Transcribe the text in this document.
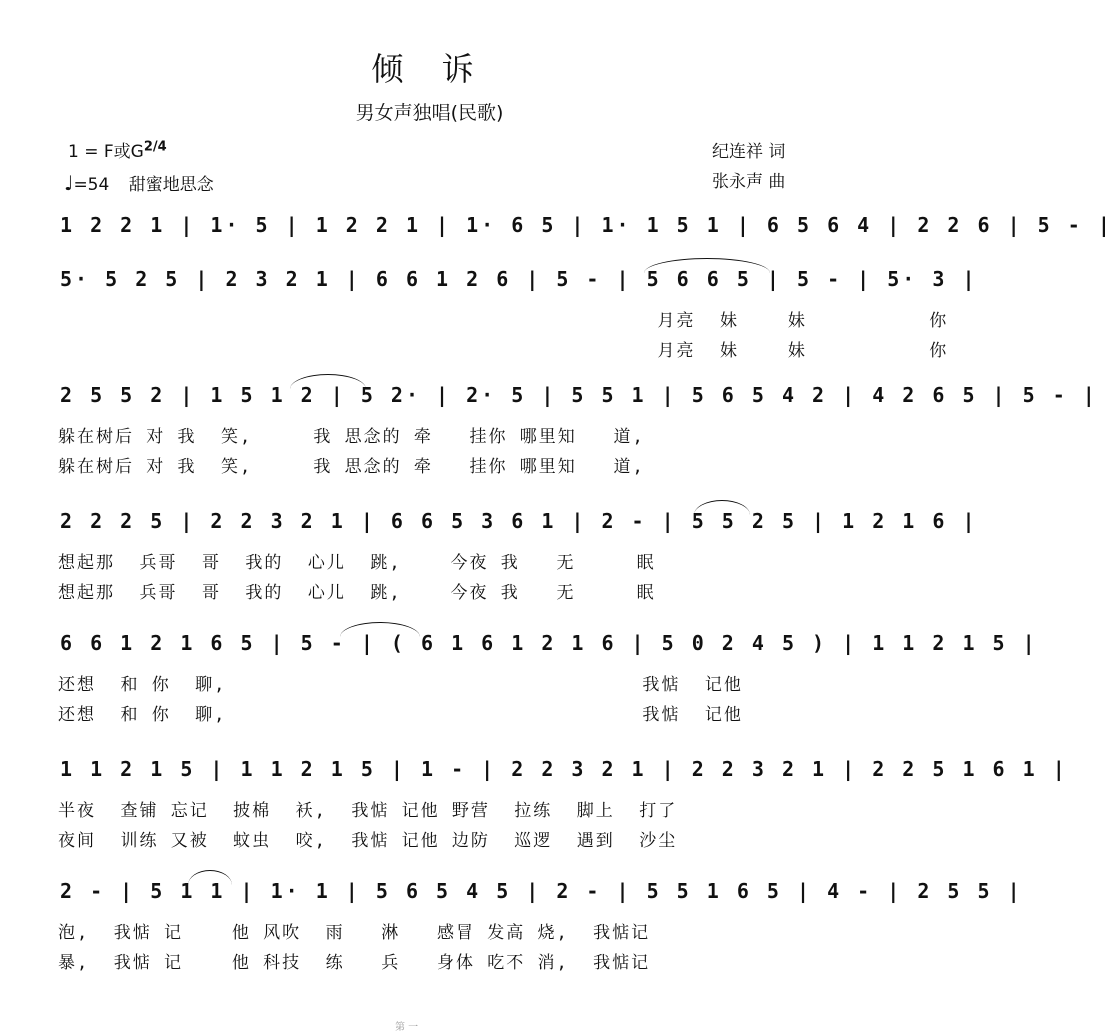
倾 诉
男女声独唱(民歌)
1 = F或$G^{2/4}$
♩=54 甜蜜地思念
纪连祥 词
张永声 曲
1 2 2 1 | 1· 5 | 1 2 2 1 | 1· 6 5 | 1· 1 5 1 | 6 5 6 4 | 2 2 6 | 5 - |
5· 5 2 5 | 2 3 2 1 | 6 6 1 2 6 | 5 - | 5 6 6 5 | 5 - | 5· 3 |
月亮  妹    妹          你
月亮  妹    妹          你
2 5 5 2 | 1 5 1 2 | 5 2· | 2· 5 | 5 5 1 | 5 6 5 4 2 | 4 2 6 5 | 5 - |
躲在树后 对 我  笑,     我 思念的 牵   挂你 哪里知   道,
躲在树后 对 我  笑,     我 思念的 牵   挂你 哪里知   道,
2 2 2 5 | 2 2 3 2 1 | 6 6 5 3 6 1 | 2 - | 5 5 2 5 | 1 2 1 6 |
想起那  兵哥  哥  我的  心儿  跳,    今夜 我   无     眠
想起那  兵哥  哥  我的  心儿  跳,    今夜 我   无     眠
6 6 1 2 1 6 5 | 5 - | ( 6 1 6 1 2 1 6 | 5 0 2 4 5 ) | 1 1 2 1 5 |
还想  和 你  聊,                                  我惦  记他
还想  和 你  聊,                                  我惦  记他
1 1 2 1 5 | 1 1 2 1 5 | 1 - | 2 2 3 2 1 | 2 2 3 2 1 | 2 2 5 1 6 1 |
半夜  查铺 忘记  披棉  袄,  我惦 记他 野营  拉练  脚上  打了
夜间  训练 又被  蚊虫  咬,  我惦 记他 边防  巡逻  遇到  沙尘
2 - | 5 1 1 | 1· 1 | 5 6 5 4 5 | 2 - | 5 5 1 6 5 | 4 - | 2 5 5 |
泡,  我惦 记    他 风吹  雨   淋   感冒 发高 烧,  我惦记
暴,  我惦 记    他 科技  练   兵   身体 吃不 消,  我惦记
第 一
